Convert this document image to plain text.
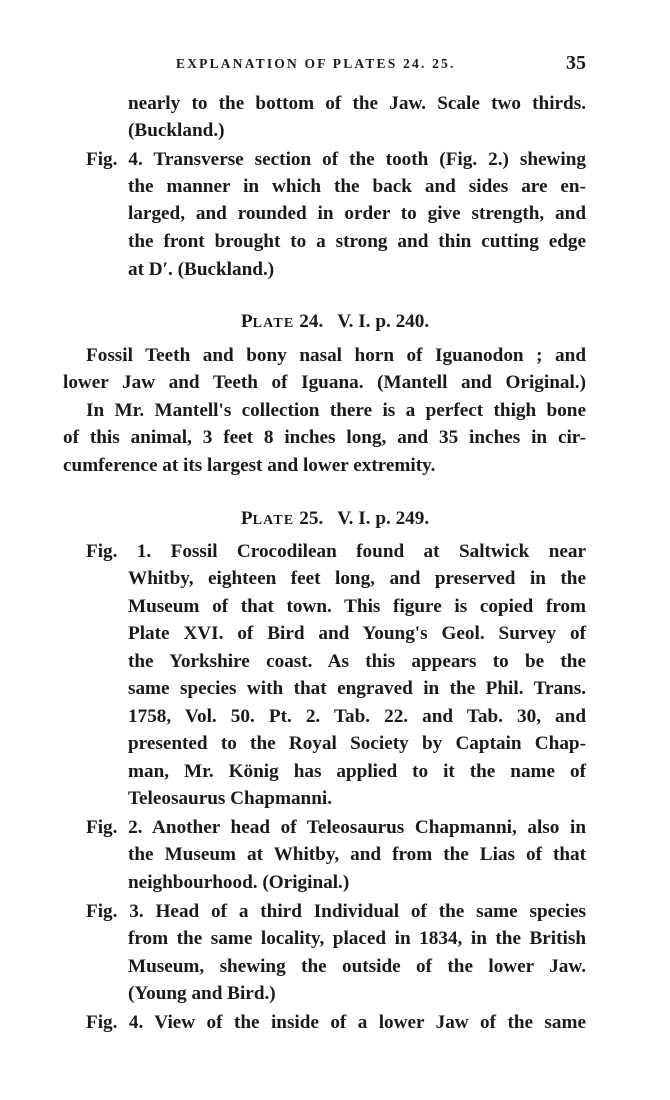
EXPLANATION OF PLATES 24. 25.	35
nearly to the bottom of the Jaw. Scale two thirds.
(Buckland.)
Fig. 4. Transverse section of the tooth (Fig. 2.) shewing
the manner in which the back and sides are en-
larged, and rounded in order to give strength, and
the front brought to a strong and thin cutting edge
at D′. (Buckland.)
PLATE 24.   V. I. p. 240.
Fossil Teeth and bony nasal horn of Iguanodon ; and
lower Jaw and Teeth of Iguana. (Mantell and Original.)
In Mr. Mantell's collection there is a perfect thigh bone
of this animal, 3 feet 8 inches long, and 35 inches in cir-
cumference at its largest and lower extremity.
PLATE 25.   V. I. p. 249.
Fig. 1. Fossil Crocodilean found at Saltwick near
Whitby, eighteen feet long, and preserved in the
Museum of that town. This figure is copied from
Plate XVI. of Bird and Young's Geol. Survey of
the Yorkshire coast. As this appears to be the
same species with that engraved in the Phil. Trans.
1758, Vol. 50. Pt. 2. Tab. 22. and Tab. 30, and
presented to the Royal Society by Captain Chap-
man, Mr. König has applied to it the name of
Teleosaurus Chapmanni.
Fig. 2. Another head of Teleosaurus Chapmanni, also in
the Museum at Whitby, and from the Lias of that
neighbourhood. (Original.)
Fig. 3. Head of a third Individual of the same species
from the same locality, placed in 1834, in the British
Museum, shewing the outside of the lower Jaw.
(Young and Bird.)
Fig. 4. View of the inside of a lower Jaw of the same
